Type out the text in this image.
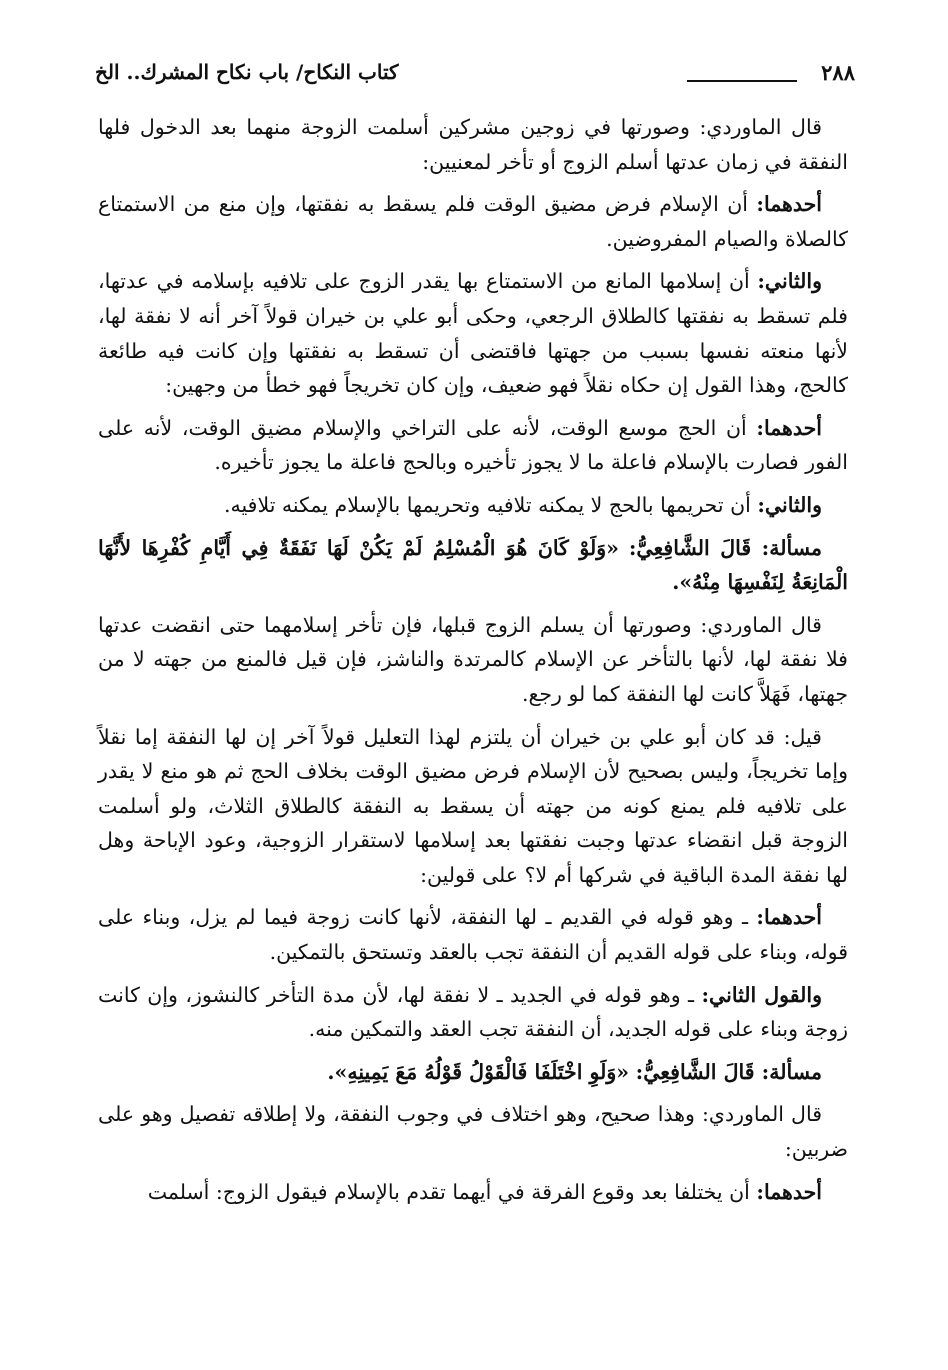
٢٨٨
كتاب النكاح/ باب نكاح المشرك.. الخ

قال الماوردي: وصورتها في زوجين مشركين أسلمت الزوجة منهما بعد الدخول فلها النفقة في زمان عدتها أسلم الزوج أو تأخر لمعنيين:

أحدهما: أن الإسلام فرض مضيق الوقت فلم يسقط به نفقتها، وإن منع من الاستمتاع كالصلاة والصيام المفروضين.

والثاني: أن إسلامها المانع من الاستمتاع بها يقدر الزوج على تلافيه بإسلامه في عدتها، فلم تسقط به نفقتها كالطلاق الرجعي، وحكى أبو علي بن خيران قولاً آخر أنه لا نفقة لها، لأنها منعته نفسها بسبب من جهتها فاقتضى أن تسقط به نفقتها وإن كانت فيه طائعة كالحج، وهذا القول إن حكاه نقلاً فهو ضعيف، وإن كان تخريجاً فهو خطأ من وجهين:

أحدهما: أن الحج موسع الوقت، لأنه على التراخي والإسلام مضيق الوقت، لأنه على الفور فصارت بالإسلام فاعلة ما لا يجوز تأخيره وبالحج فاعلة ما يجوز تأخيره.

والثاني: أن تحريمها بالحج لا يمكنه تلافيه وتحريمها بالإسلام يمكنه تلافيه.

مسألة: قَالَ الشَّافِعِيُّ: «وَلَوْ كَانَ هُوَ الْمُسْلِمُ لَمْ يَكُنْ لَهَا نَفَقَةٌ فِي أَيَّامِ كُفْرِهَا لأَنَّهَا الْمَانِعَةُ لِنَفْسِهَا مِنْهُ».

قال الماوردي: وصورتها أن يسلم الزوج قبلها، فإن تأخر إسلامهما حتى انقضت عدتها فلا نفقة لها، لأنها بالتأخر عن الإسلام كالمرتدة والناشز، فإن قيل فالمنع من جهته لا من جهتها، فَهَلاَّ كانت لها النفقة كما لو رجع.

قيل: قد كان أبو علي بن خيران أن يلتزم لهذا التعليل قولاً آخر إن لها النفقة إما نقلاً وإما تخريجاً، وليس بصحيح لأن الإسلام فرض مضيق الوقت بخلاف الحج ثم هو منع لا يقدر على تلافيه فلم يمنع كونه من جهته أن يسقط به النفقة كالطلاق الثلاث، ولو أسلمت الزوجة قبل انقضاء عدتها وجبت نفقتها بعد إسلامها لاستقرار الزوجية، وعود الإباحة وهل لها نفقة المدة الباقية في شركها أم لا؟ على قولين:

أحدهما: ـ وهو قوله في القديم ـ لها النفقة، لأنها كانت زوجة فيما لم يزل، وبناء على قوله، وبناء على قوله القديم أن النفقة تجب بالعقد وتستحق بالتمكين.

والقول الثاني: ـ وهو قوله في الجديد ـ لا نفقة لها، لأن مدة التأخر كالنشوز، وإن كانت زوجة وبناء على قوله الجديد، أن النفقة تجب العقد والتمكين منه.

مسألة: قَالَ الشَّافِعِيُّ: «وَلَوِ اخْتَلَفَا فَالْقَوْلُ قَوْلُهُ مَعَ يَمِينِهِ».

قال الماوردي: وهذا صحيح، وهو اختلاف في وجوب النفقة، ولا إطلاقه تفصيل وهو على ضربين:

أحدهما: أن يختلفا بعد وقوع الفرقة في أيهما تقدم بالإسلام فيقول الزوج: أسلمت
